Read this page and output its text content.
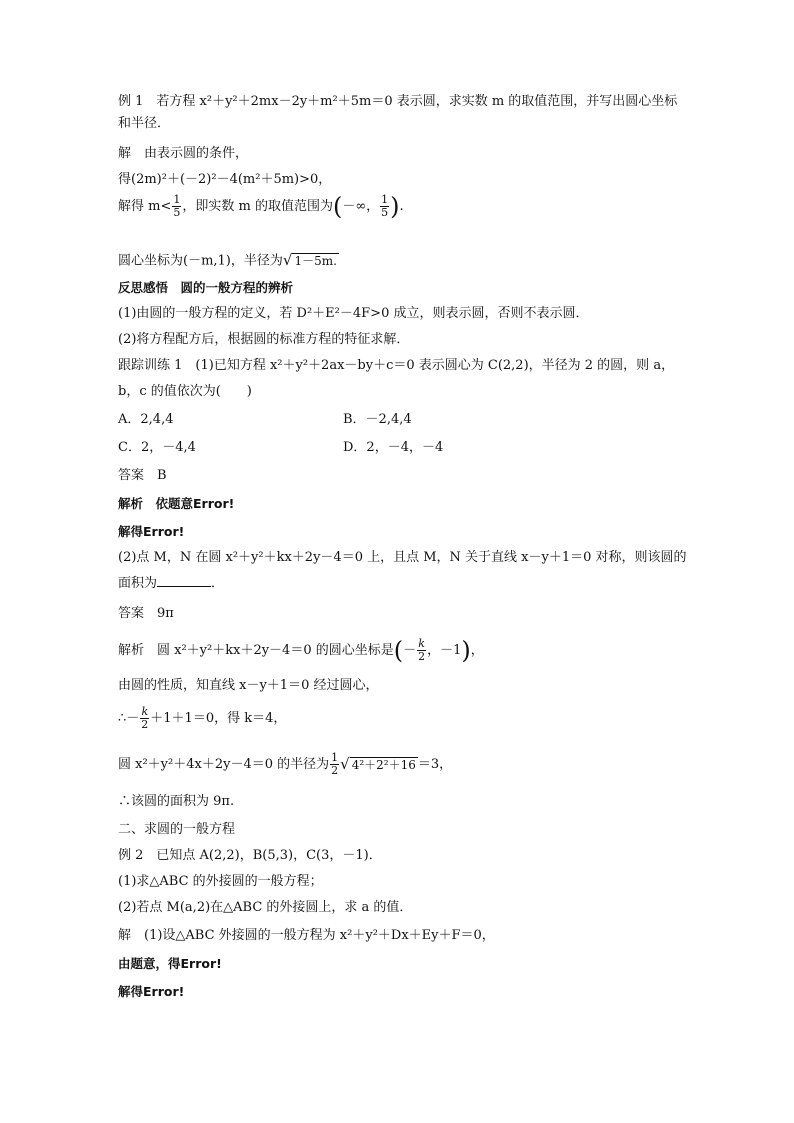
例 1　若方程 x²＋y²＋2mx－2y＋m²＋5m＝0 表示圆，求实数 m 的取值范围，并写出圆心坐标
和半径．
解　由表示圆的条件，
得(2m)²＋(－2)²－4(m²＋5m)>0，
解得 $m< \frac{1}{5}$ ，即实数 m 的取值范围为(－∞， $\frac{1}{5}$ ).
圆心坐标为(－m,1)，半径为√ 1－5m.
反思感悟　圆的一般方程的辨析
(1)由圆的一般方程的定义，若 D²＋E²－4F>0 成立，则表示圆，否则不表示圆．
(2)将方程配方后，根据圆的标准方程的特征求解．
跟踪训练 1　(1)已知方程 x²＋y²＋2ax－by＋c＝0 表示圆心为 C(2,2)，半径为 2 的圆，则 a，
b，c 的值依次为(　　)
A．2,4,4	B．－2,4,4
C．2，－4,4	D．2，－4，－4
答案　B
解析　依题意Error!
解得Error!
(2)点 M，N 在圆 x²＋y²＋kx＋2y－4＝0 上，且点 M，N 关于直线 x－y＋1＝0 对称，则该圆的
面积为	．
答案　9π
解析　圆 x²＋y²＋kx＋2y－4＝0 的圆心坐标是(－ $\frac{k}{2}$ ，－1)，
由圆的性质，知直线 x－y＋1＝0 经过圆心，
∴－ $\frac{k}{2} +1+1=0$，得 k＝4，
圆 x²＋y²＋4x＋2y－4＝0 的半径为 $\frac{1}{2}$ √ 4²＋2²＋16 ＝3，
∴该圆的面积为 9π.
二、求圆的一般方程
例 2　已知点 A(2,2)，B(5,3)，C(3，－1)．
(1)求△ABC 的外接圆的一般方程；
(2)若点 M(a,2)在△ABC 的外接圆上，求 a 的值．
解　(1)设△ABC 外接圆的一般方程为 x²＋y²＋Dx＋Ey＋F＝0，
由题意，得Error!
解得Error!
